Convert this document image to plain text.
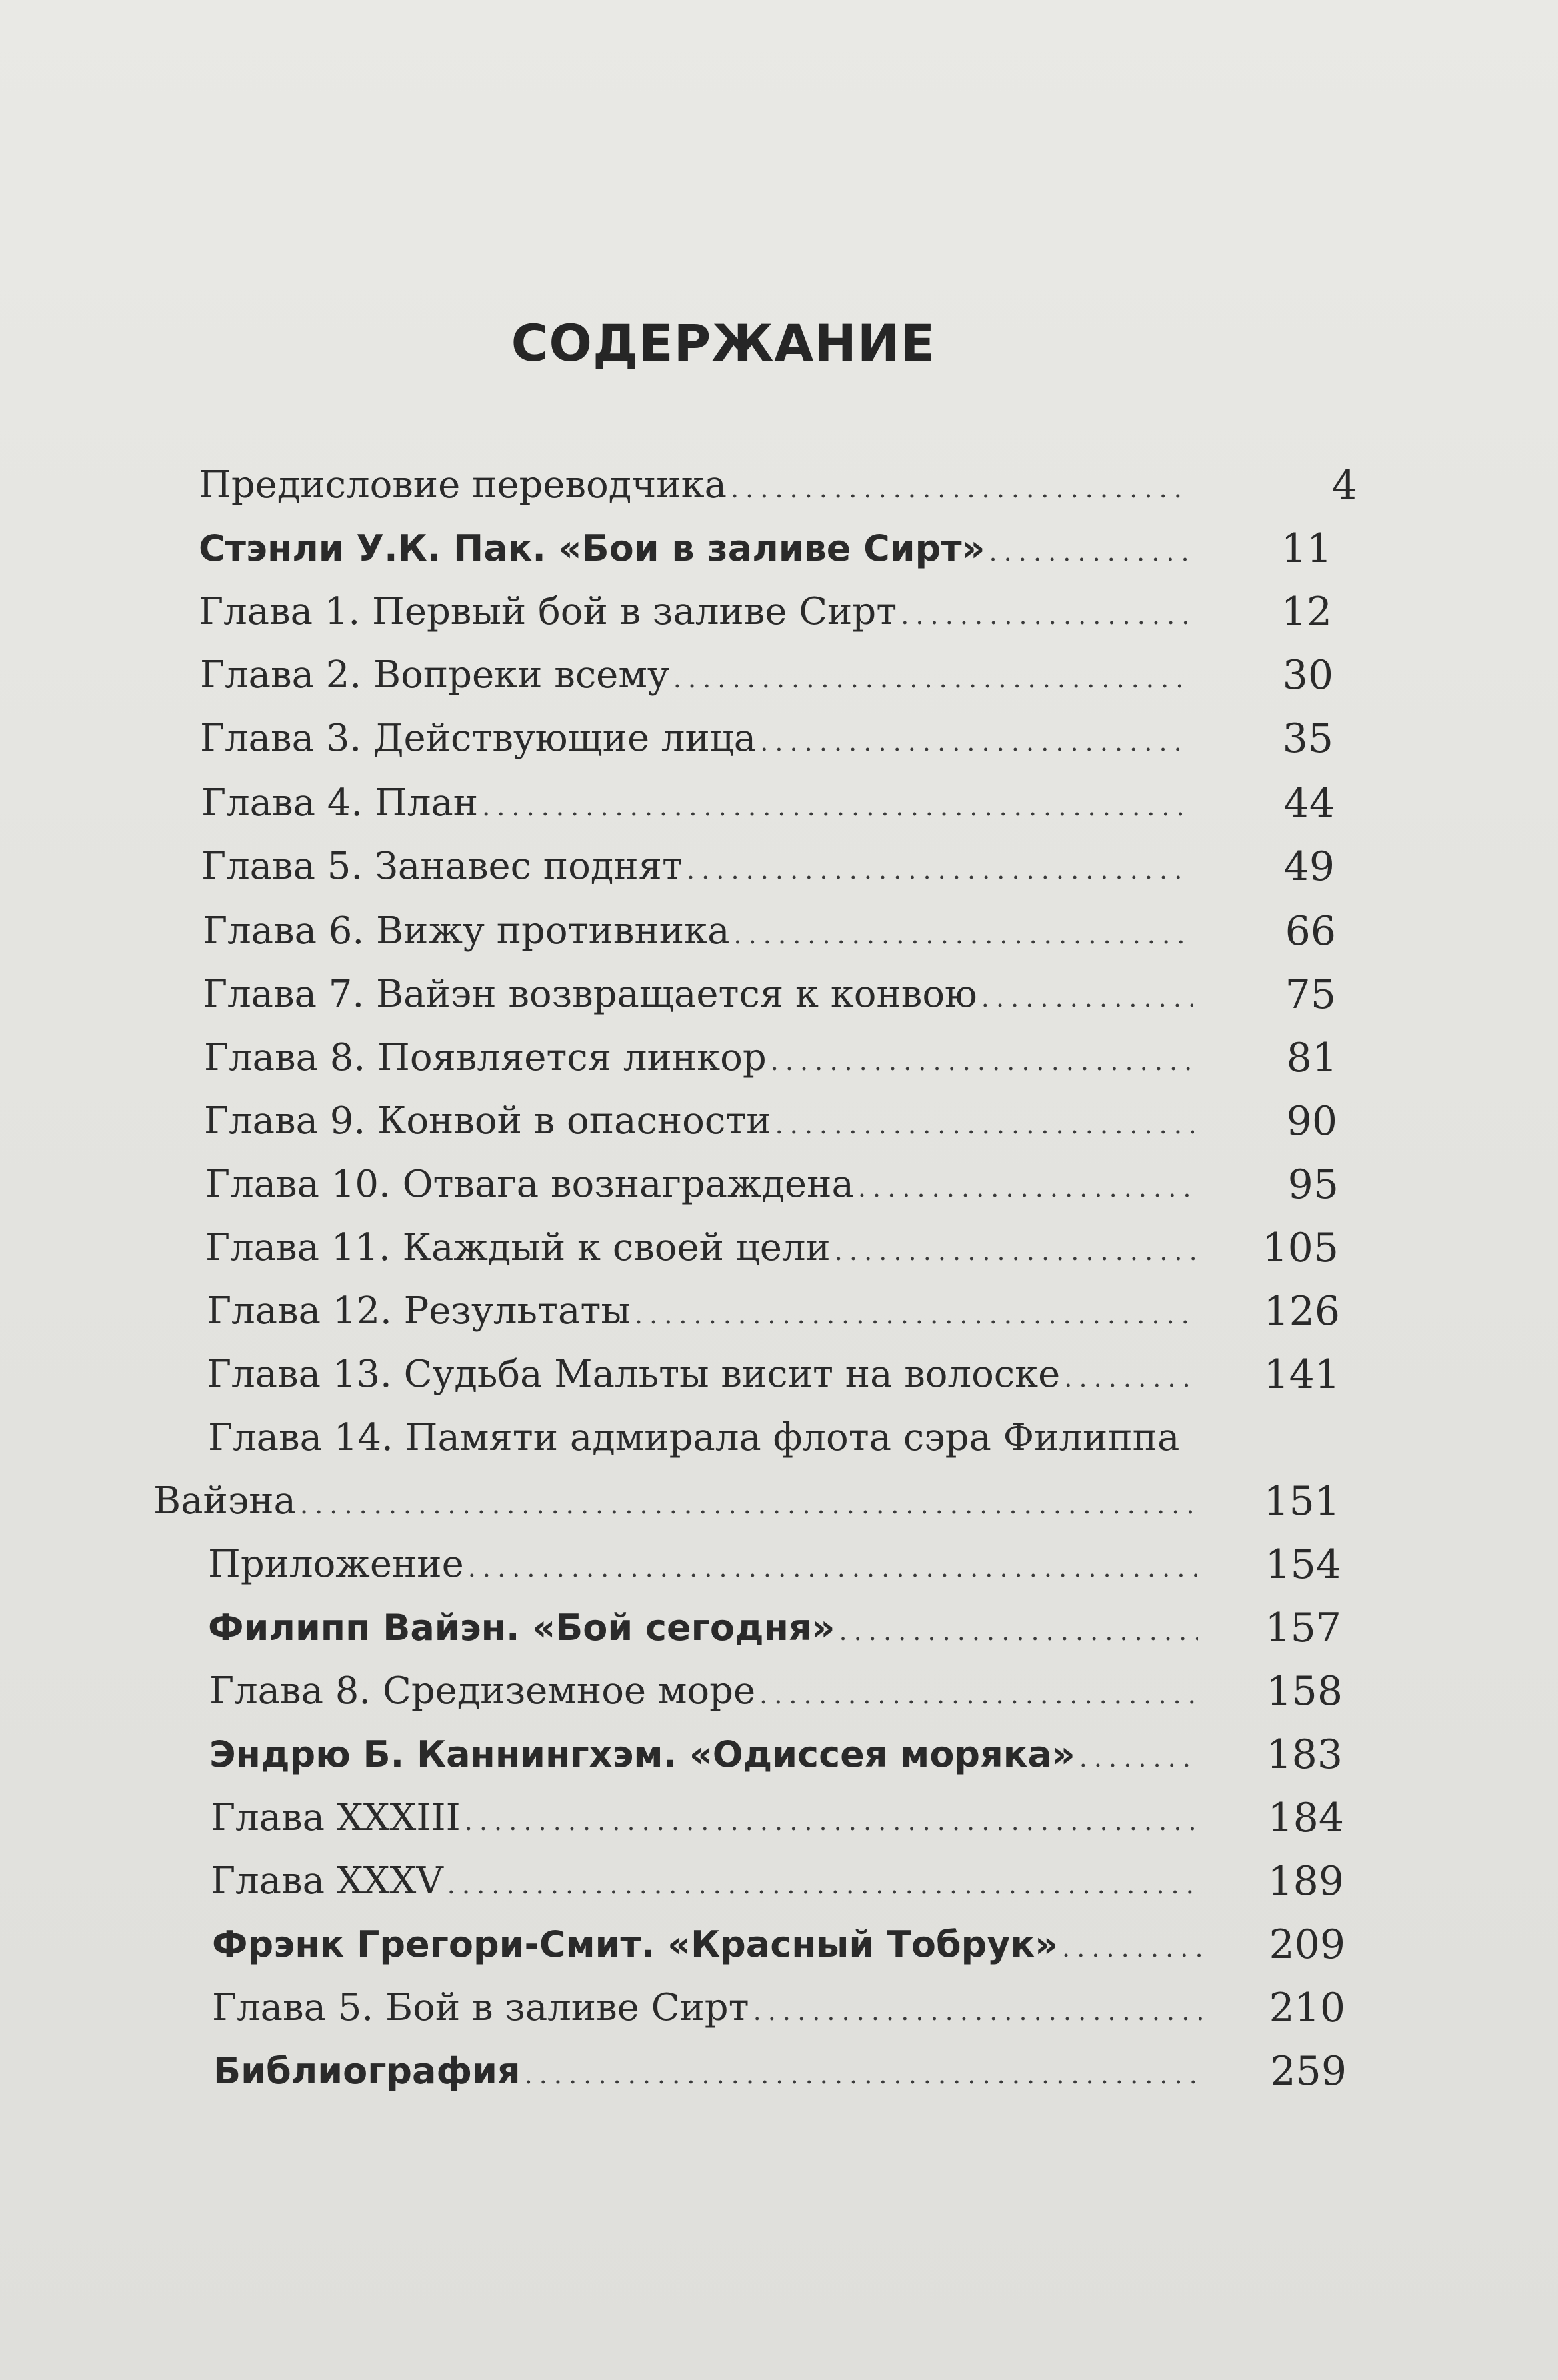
СОДЕРЖАНИЕ
Предисловие переводчика . . .	4
Стэнли У.К. Пак. «Бои в заливе Сирт» . . .	11
Глава 1. Первый бой в заливе Сирт . . .	12
Глава 2. Вопреки всему . . .	30
Глава 3. Действующие лица . . .	35
Глава 4. План . . .	44
Глава 5. Занавес поднят . . .	49
Глава 6. Вижу противника . . .	66
Глава 7. Вайэн возвращается к конвою . . .	75
Глава 8. Появляется линкор . . .	81
Глава 9. Конвой в опасности . . .	90
Глава 10. Отвага вознаграждена . . .	95
Глава 11. Каждый к своей цели . . .	105
Глава 12. Результаты . . .	126
Глава 13. Судьба Мальты висит на волоске . . .	141
Глава 14. Памяти адмирала флота сэра Филиппа
Вайэна . . .	151
Приложение . . .	154
Филипп Вайэн. «Бой сегодня» . . .	157
Глава 8. Средиземное море . . .	158
Эндрю Б. Каннингхэм. «Одиссея моряка» . . .	183
Глава XXXIII . . .	184
Глава XXXV . . .	189
Фрэнк Грегори-Смит. «Красный Тобрук» . . .	209
Глава 5. Бой в заливе Сирт . . .	210
Библиография . . .	259
